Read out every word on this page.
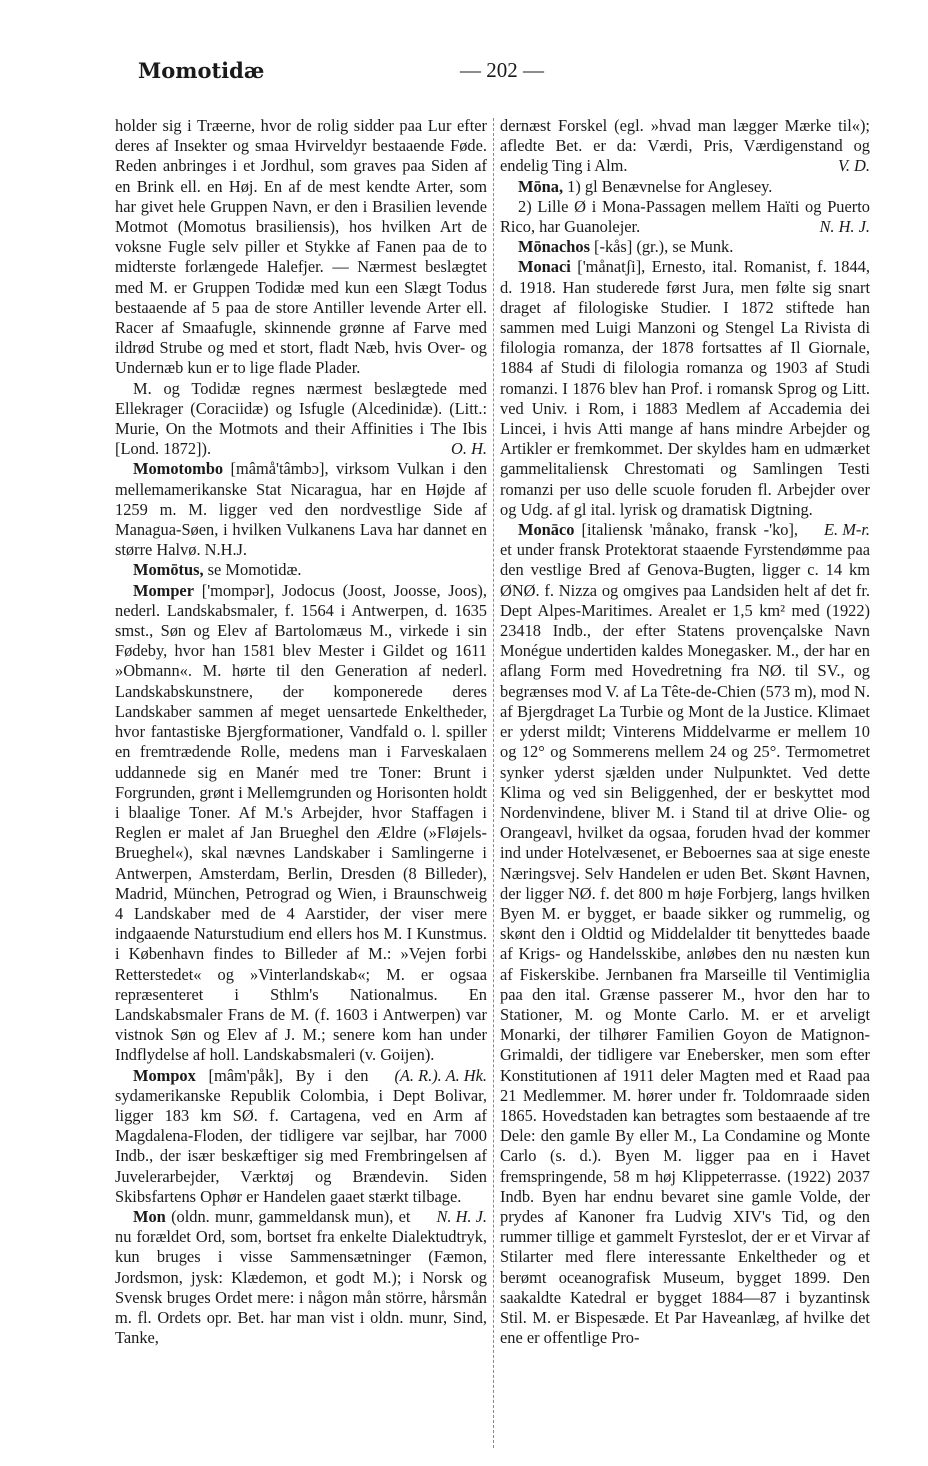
Momotidæ	— 202 —

holder sig i Træerne, hvor de rolig sidder paa Lur efter deres af Insekter og smaa Hvirveldyr bestaaende Føde. Reden anbringes i et Jordhul, som graves paa Siden af en Brink ell. en Høj. En af de mest kendte Arter, som har givet hele Gruppen Navn, er den i Brasilien levende Motmot (Momotus brasiliensis), hos hvilken Art de voksne Fugle selv piller et Stykke af Fanen paa de to midterste forlængede Halefjer. — Nærmest beslægtet med M. er Gruppen Todidæ med kun een Slægt Todus bestaaende af 5 paa de store Antiller levende Arter ell. Racer af Smaafugle, skinnende grønne af Farve med ildrød Strube og med et stort, fladt Næb, hvis Over- og Undernæb kun er to lige flade Plader.

M. og Todidæ regnes nærmest beslægtede med Ellekrager (Coraciidæ) og Isfugle (Alcedinidæ). (Litt.: Murie, On the Motmots and their Affinities i The Ibis [Lond. 1872]).	O. H.

Momotombo [mâmå'tâmbɔ], virksom Vulkan i den mellemamerikanske Stat Nicaragua, har en Højde af 1259 m. M. ligger ved den nordvestlige Side af Managua-Søen, i hvilken Vulkanens Lava har dannet en større Halvø. N.H.J.

Momōtus, se Momotidæ.

Momper ['mompər], Jodocus (Joost, Joosse, Joos), nederl. Landskabsmaler, f. 1564 i Antwerpen, d. 1635 smst., Søn og Elev af Bartolomæus M., virkede i sin Fødeby, hvor han 1581 blev Mester i Gildet og 1611 »Obmann«. M. hørte til den Generation af nederl. Landskabskunstnere, der komponerede deres Landskaber sammen af meget uensartede Enkeltheder, hvor fantastiske Bjergformationer, Vandfald o. l. spiller en fremtrædende Rolle, medens man i Farveskalaen uddannede sig en Manér med tre Toner: Brunt i Forgrunden, grønt i Mellemgrunden og Horisonten holdt i blaalige Toner. Af M.'s Arbejder, hvor Staffagen i Reglen er malet af Jan Brueghel den Ældre (»Fløjels-Brueghel«), skal nævnes Landskaber i Samlingerne i Antwerpen, Amsterdam, Berlin, Dresden (8 Billeder), Madrid, München, Petrograd og Wien, i Braunschweig 4 Landskaber med de 4 Aarstider, der viser mere indgaaende Naturstudium end ellers hos M. I Kunstmus. i København findes to Billeder af M.: »Vejen forbi Retterstedet« og »Vinterlandskab«; M. er ogsaa repræsenteret i Sthlm's Nationalmus. En Landskabsmaler Frans de M. (f. 1603 i Antwerpen) var vistnok Søn og Elev af J. M.; senere kom han under Indflydelse af holl. Landskabsmaleri (v. Goijen).
(A. R.). A. Hk.

Mompox [mâm'påk], By i den sydamerikanske Republik Colombia, i Dept Bolivar, ligger 183 km SØ. f. Cartagena, ved en Arm af Magdalena-Floden, der tidligere var sejlbar, har 7000 Indb., der især beskæftiger sig med Frembringelsen af Juvelerarbejder, Værktøj og Brændevin. Siden Skibsfartens Ophør er Handelen gaaet stærkt tilbage.
N. H. J.

Mon (oldn. munr, gammeldansk mun), et nu forældet Ord, som, bortset fra enkelte Dialektudtryk, kun bruges i visse Sammensætninger (Fæmon, Jordsmon, jysk: Klædemon, et godt M.); i Norsk og Svensk bruges Ordet mere: i någon mån större, hårsmån m. fl. Ordets opr. Bet. har man vist i oldn. munr, Sind, Tanke,

dernæst Forskel (egl. »hvad man lægger Mærke til«); afledte Bet. er da: Værdi, Pris, Værdigenstand og endelig Ting i Alm.	V. D.

Mōna, 1) gl Benævnelse for Anglesey.

2) Lille Ø i Mona-Passagen mellem Haïti og Puerto Rico, har Guanolejer.	N. H. J.

Mōnachos [-kås] (gr.), se Munk.

Monaci ['månatʃi], Ernesto, ital. Romanist, f. 1844, d. 1918. Han studerede først Jura, men følte sig snart draget af filologiske Studier. I 1872 stiftede han sammen med Luigi Manzoni og Stengel La Rivista di filologia romanza, der 1878 fortsattes af Il Giornale, 1884 af Studi di filologia romanza og 1903 af Studi romanzi. I 1876 blev han Prof. i romansk Sprog og Litt. ved Univ. i Rom, i 1883 Medlem af Accademia dei Lincei, i hvis Atti mange af hans mindre Arbejder og Artikler er fremkommet. Der skyldes ham en udmærket gammelitaliensk Chrestomati og Samlingen Testi romanzi per uso delle scuole foruden fl. Arbejder over og Udg. af gl ital. lyrisk og dramatisk Digtning.
E. M-r.

Monāco [italiensk 'månako, fransk -'ko], et under fransk Protektorat staaende Fyrstendømme paa den vestlige Bred af Genova-Bugten, ligger c. 14 km ØNØ. f. Nizza og omgives paa Landsiden helt af det fr. Dept Alpes-Maritimes. Arealet er 1,5 km² med (1922) 23418 Indb., der efter Statens provençalske Navn Monégue undertiden kaldes Monegasker. M., der har en aflang Form med Hovedretning fra NØ. til SV., og begrænses mod V. af La Tête-de-Chien (573 m), mod N. af Bjergdraget La Turbie og Mont de la Justice. Klimaet er yderst mildt; Vinterens Middelvarme er mellem 10 og 12° og Sommerens mellem 24 og 25°. Termometret synker yderst sjælden under Nulpunktet. Ved dette Klima og ved sin Beliggenhed, der er beskyttet mod Nordenvindene, bliver M. i Stand til at drive Olie- og Orangeavl, hvilket da ogsaa, foruden hvad der kommer ind under Hotelvæsenet, er Beboernes saa at sige eneste Næringsvej. Selv Handelen er uden Bet. Skønt Havnen, der ligger NØ. f. det 800 m høje Forbjerg, langs hvilken Byen M. er bygget, er baade sikker og rummelig, og skønt den i Oldtid og Middelalder tit benyttedes baade af Krigs- og Handelsskibe, anløbes den nu næsten kun af Fiskerskibe. Jernbanen fra Marseille til Ventimiglia paa den ital. Grænse passerer M., hvor den har to Stationer, M. og Monte Carlo. M. er et arveligt Monarki, der tilhører Familien Goyon de Matignon-Grimaldi, der tidligere var Enebersker, men som efter Konstitutionen af 1911 deler Magten med et Raad paa 21 Medlemmer. M. hører under fr. Toldomraade siden 1865. Hovedstaden kan betragtes som bestaaende af tre Dele: den gamle By eller M., La Condamine og Monte Carlo (s. d.). Byen M. ligger paa en i Havet fremspringende, 58 m høj Klippeterrasse. (1922) 2037 Indb. Byen har endnu bevaret sine gamle Volde, der prydes af Kanoner fra Ludvig XIV's Tid, og den rummer tillige et gammelt Fyrsteslot, der er et Virvar af Stilarter med flere interessante Enkeltheder og et berømt oceanografisk Museum, bygget 1899. Den saakaldte Katedral er bygget 1884—87 i byzantinsk Stil. M. er Bispesæde. Et Par Haveanlæg, af hvilke det ene er offentlige Pro-
